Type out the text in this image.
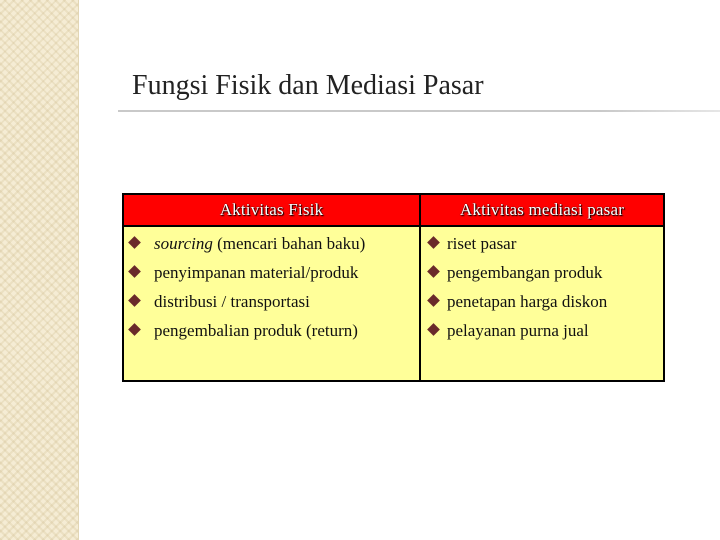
Fungsi Fisik dan Mediasi Pasar
Aktivitas Fisik
sourcing (mencari bahan baku)
penyimpanan material/produk
distribusi / transportasi
pengembalian produk (return)
Aktivitas mediasi pasar
riset pasar
pengembangan produk
penetapan harga diskon
pelayanan purna jual
